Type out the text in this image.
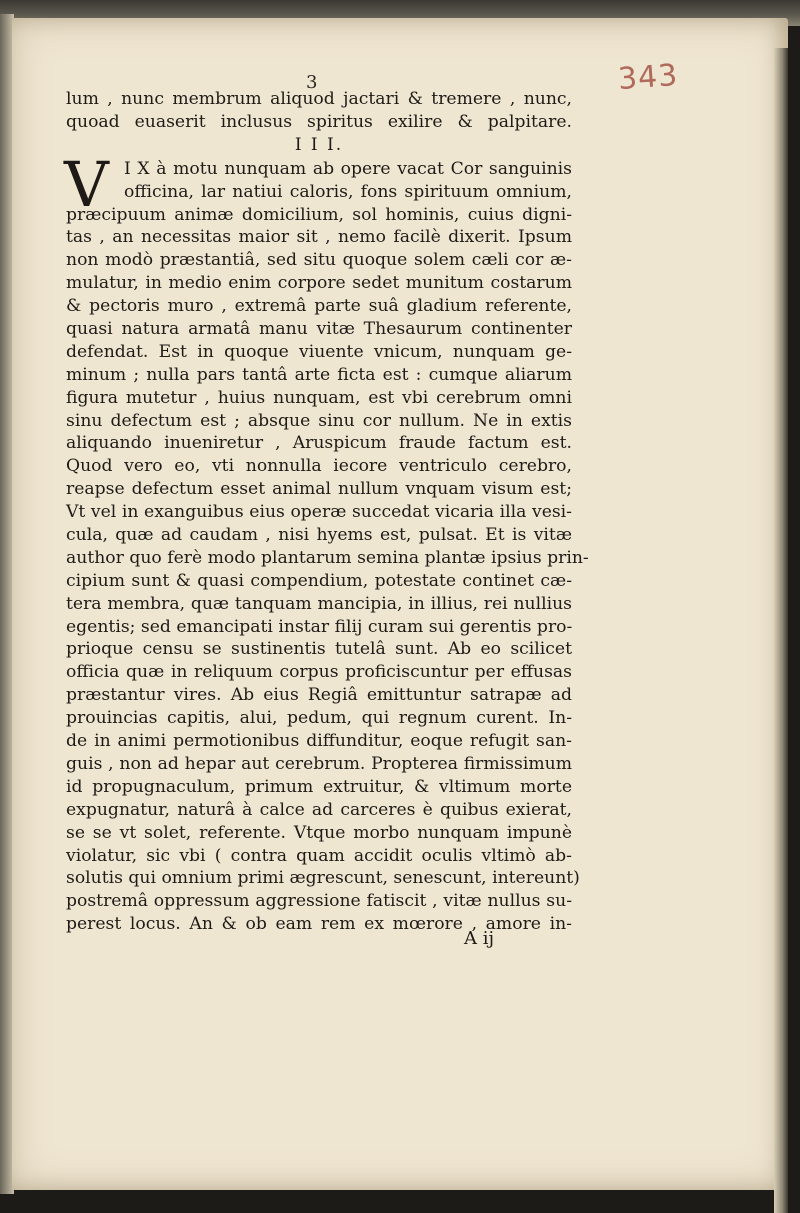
343
3
lum , nunc membrum aliquod jactari & tremere , nunc,
quoad euaserit inclusus spiritus exilire & palpitare.
I I I.
V I X à motu nunquam ab opere vacat Cor sanguinis
officina, lar natiui caloris, fons spirituum omnium,
præcipuum animæ domicilium, sol hominis, cuius digni-
tas , an necessitas maior sit , nemo facilè dixerit. Ipsum
non modò præstantiâ, sed situ quoque solem cæli cor æ-
mulatur, in medio enim corpore sedet munitum costarum
& pectoris muro , extremâ parte suâ gladium referente,
quasi natura armatâ manu vitæ Thesaurum continenter
defendat. Est in quoque viuente vnicum, nunquam ge-
minum ; nulla pars tantâ arte ficta est : cumque aliarum
figura mutetur , huius nunquam, est vbi cerebrum omni
sinu defectum est ; absque sinu cor nullum. Ne in extis
aliquando inueniretur , Aruspicum fraude factum est.
Quod vero eo, vti nonnulla iecore ventriculo cerebro,
reapse defectum esset animal nullum vnquam visum est;
Vt vel in exanguibus eius operæ succedat vicaria illa vesi-
cula, quæ ad caudam , nisi hyems est, pulsat. Et is vitæ
author quo ferè modo plantarum semina plantæ ipsius prin-
cipium sunt & quasi compendium, potestate continet cæ-
tera membra, quæ tanquam mancipia, in illius, rei nullius
egentis; sed emancipati instar filij curam sui gerentis pro-
prioque censu se sustinentis tutelâ sunt. Ab eo scilicet
officia quæ in reliquum corpus proficiscuntur per effusas
præstantur vires. Ab eius Regiâ emittuntur satrapæ ad
prouincias capitis, alui, pedum, qui regnum curent. In-
de in animi permotionibus diffunditur, eoque refugit san-
guis , non ad hepar aut cerebrum. Propterea firmissimum
id propugnaculum, primum extruitur, & vltimum morte
expugnatur, naturâ à calce ad carceres è quibus exierat,
se se vt solet, referente. Vtque morbo nunquam impunè
violatur, sic vbi ( contra quam accidit oculis vltimò ab-
solutis qui omnium primi ægrescunt, senescunt, intereunt)
postremâ oppressum aggressione fatiscit , vitæ nullus su-
perest locus. An & ob eam rem ex mœrore , amore in-
A ij
